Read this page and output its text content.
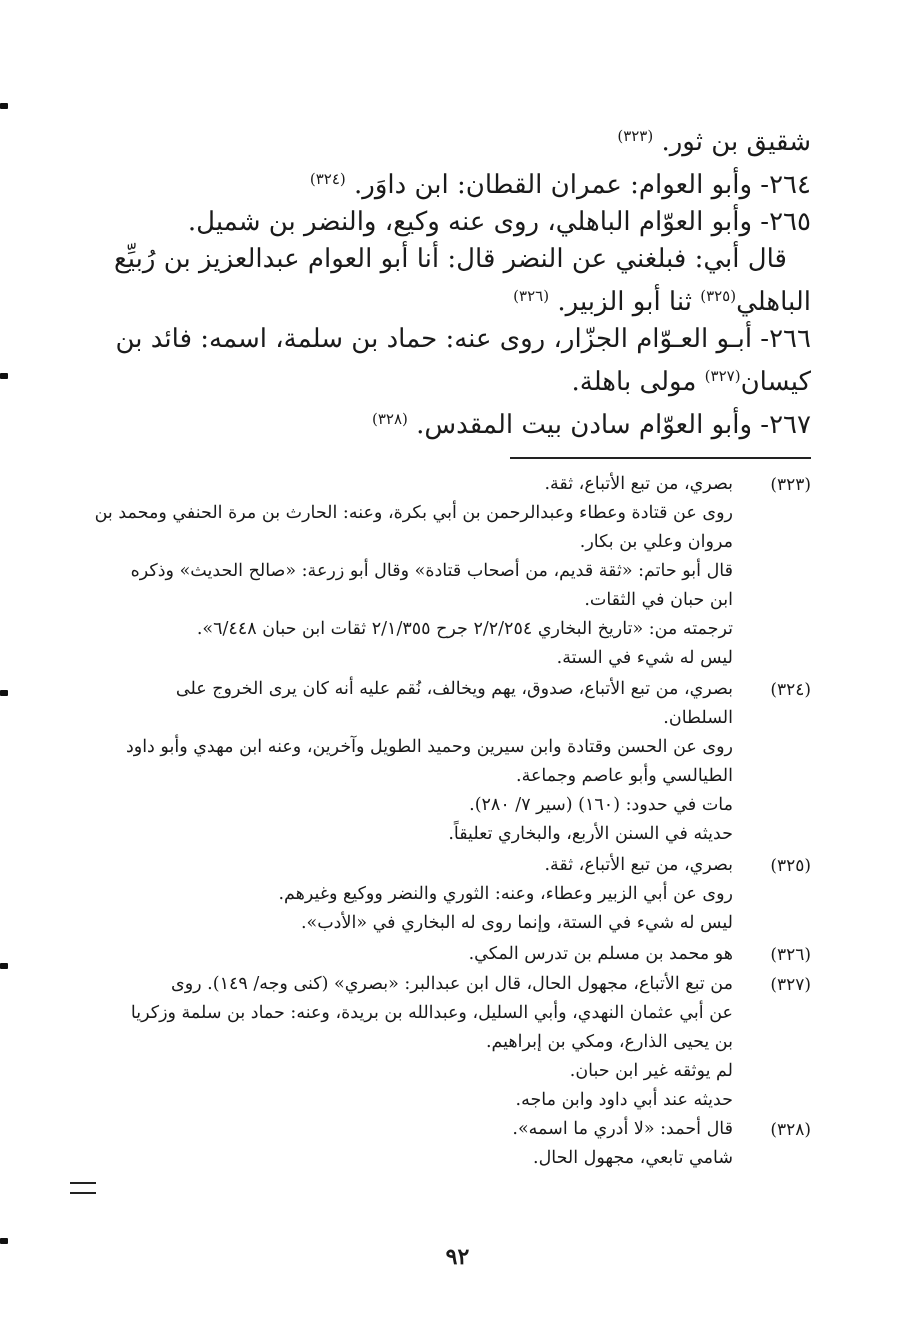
شقيق بن ثور. $^{(٣٢٣)}$
٢٦٤- وأبو العوام: عمران القطان: ابن داوَر. $^{(٣٢٤)}$
٢٦٥- وأبو العوّام الباهلي، روى عنه وكيع، والنضر بن شميل.
قال أبي: فبلغني عن النضر قال: أنا أبو العوام عبدالعزيز بن رُبيِّع
الباهلي$^{(٣٢٥)}$ ثنا أبو الزبير. $^{(٣٢٦)}$
٢٦٦- أبـو العـوّام الجزّار، روى عنه: حماد بن سلمة، اسمه: فائد بن
كيسان$^{(٣٢٧)}$ مولى باهلة.
٢٦٧- وأبو العوّام سادن بيت المقدس. $^{(٣٢٨)}$
(٣٢٣)
بصري، من تبع الأتباع، ثقة.
روى عن قتادة وعطاء وعبدالرحمن بن أبي بكرة، وعنه: الحارث بن مرة الحنفي ومحمد بن
مروان وعلي بن بكار.
قال أبو حاتم: «ثقة قديم، من أصحاب قتادة» وقال أبو زرعة: «صالح الحديث» وذكره
ابن حبان في الثقات.
ترجمته من: «تاريخ البخاري ٢/٢/٢٥٤ جرح ٢/١/٣٥٥ ثقات ابن حبان ٦/٤٤٨».
ليس له شيء في الستة.
(٣٢٤)
بصري، من تبع الأتباع، صدوق، يهم ويخالف، نُقم عليه أنه كان يرى الخروج على
السلطان.
روى عن الحسن وقتادة وابن سيرين وحميد الطويل وآخرين، وعنه ابن مهدي وأبو داود
الطيالسي وأبو عاصم وجماعة.
مات في حدود: (١٦٠) (سير ٧/ ٢٨٠).
حديثه في السنن الأربع، والبخاري تعليقاً.
(٣٢٥)
بصري، من تبع الأتباع، ثقة.
روى عن أبي الزبير وعطاء، وعنه: الثوري والنضر ووكيع وغيرهم.
ليس له شيء في الستة، وإنما روى له البخاري في «الأدب».
(٣٢٦)
هو محمد بن مسلم بن تدرس المكي.
(٣٢٧)
من تبع الأتباع، مجهول الحال، قال ابن عبدالبر: «بصري» (كنى وجه/ ١٤٩). روى
عن أبي عثمان النهدي، وأبي السليل، وعبدالله بن بريدة، وعنه: حماد بن سلمة وزكريا
بن يحيى الذارع، ومكي بن إبراهيم.
لم يوثقه غير ابن حبان.
حديثه عند أبي داود وابن ماجه.
(٣٢٨)
قال أحمد: «لا أدري ما اسمه».
شامي تابعي، مجهول الحال.
٩٢
